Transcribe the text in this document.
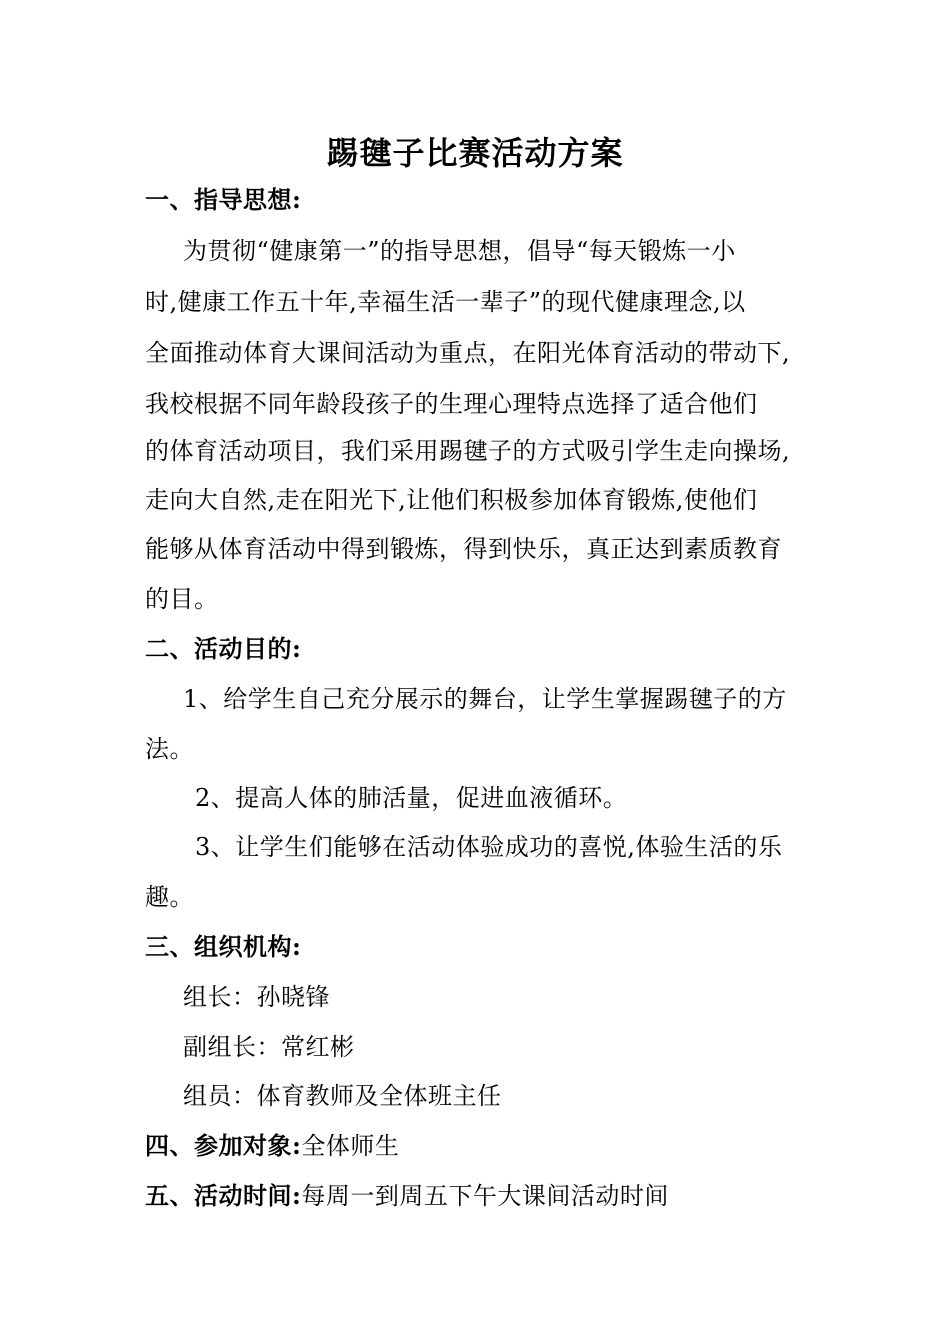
踢毽子比赛活动方案
一、指导思想:
为贯彻“健康第一”的指导思想，倡导“每天锻炼一小
时,健康工作五十年,幸福生活一辈子”的现代健康理念,以
全面推动体育大课间活动为重点，在阳光体育活动的带动下,
我校根据不同年龄段孩子的生理心理特点选择了适合他们
的体育活动项目，我们采用踢毽子的方式吸引学生走向操场,
走向大自然,走在阳光下,让他们积极参加体育锻炼,使他们
能够从体育活动中得到锻炼，得到快乐，真正达到素质教育
的目。
二、活动目的:
1、给学生自己充分展示的舞台，让学生掌握踢毽子的方
法。
2、提高人体的肺活量，促进血液循环。
3、让学生们能够在活动体验成功的喜悦,体验生活的乐
趣。
三、组织机构:
组长：孙晓锋
副组长：常红彬
组员：体育教师及全体班主任
四、参加对象:全体师生
五、活动时间:每周一到周五下午大课间活动时间
